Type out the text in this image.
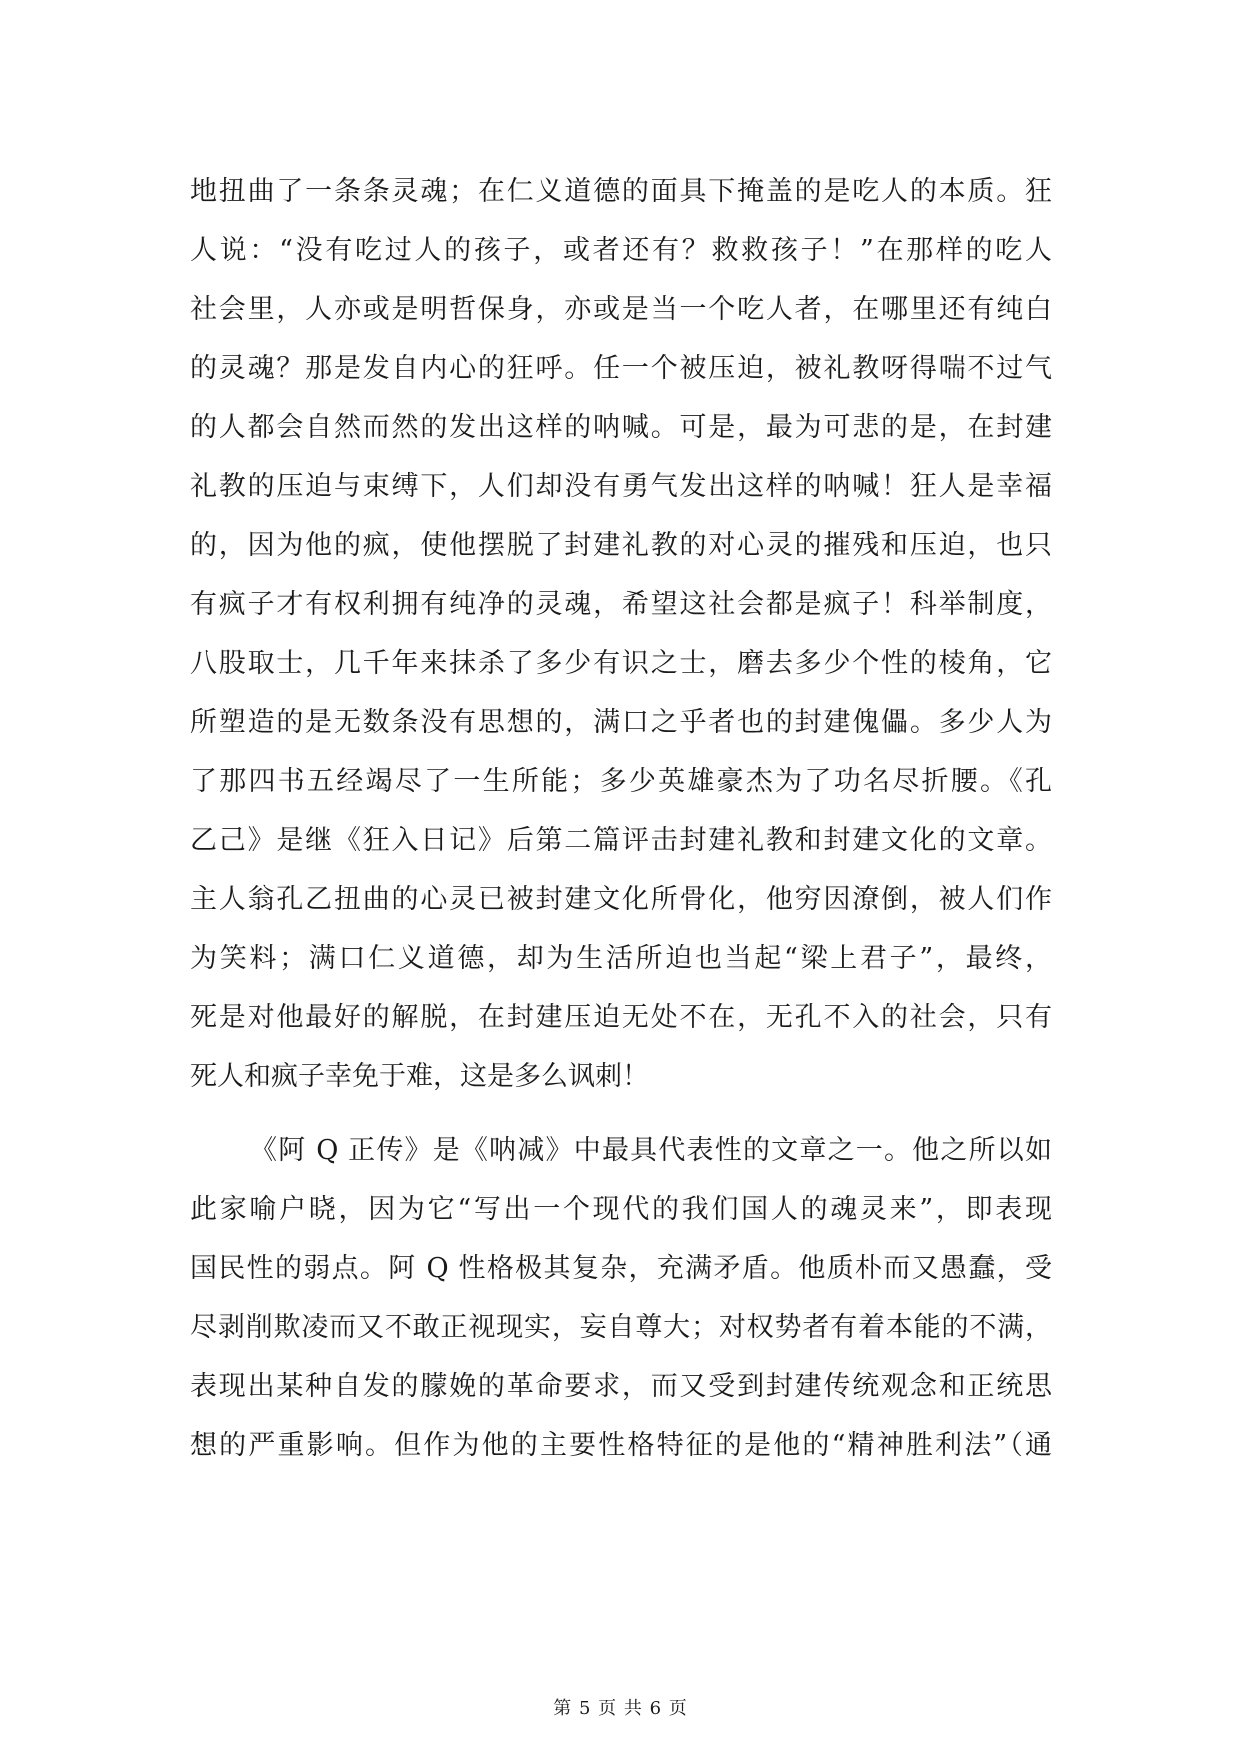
地扭曲了一条条灵魂；在仁义道德的面具下掩盖的是吃人的本质。狂
人说：“没有吃过人的孩子，或者还有？救救孩子！”在那样的吃人
社会里，人亦或是明哲保身，亦或是当一个吃人者，在哪里还有纯白
的灵魂？那是发自内心的狂呼。任一个被压迫，被礼教呀得喘不过气
的人都会自然而然的发出这样的呐喊。可是，最为可悲的是，在封建
礼教的压迫与束缚下，人们却没有勇气发出这样的呐喊！狂人是幸福
的，因为他的疯，使他摆脱了封建礼教的对心灵的摧残和压迫，也只
有疯子才有权利拥有纯净的灵魂，希望这社会都是疯子！科举制度，
八股取士，几千年来抹杀了多少有识之士，磨去多少个性的棱角，它
所塑造的是无数条没有思想的，满口之乎者也的封建傀儡。多少人为
了那四书五经竭尽了一生所能；多少英雄豪杰为了功名尽折腰。《孔
乙己》是继《狂入日记》后第二篇评击封建礼教和封建文化的文章。
主人翁孔乙扭曲的心灵已被封建文化所骨化，他穷因潦倒，被人们作
为笑料；满口仁义道德，却为生活所迫也当起“梁上君子”，最终，
死是对他最好的解脱，在封建压迫无处不在，无孔不入的社会，只有
死人和疯子幸免于难，这是多么讽刺！
《阿 Q 正传》是《呐减》中最具代表性的文章之一。他之所以如
此家喻户晓，因为它“写出一个现代的我们国人的魂灵来”，即表现
国民性的弱点。阿 Q 性格极其复杂，充满矛盾。他质朴而又愚蠢，受
尽剥削欺凌而又不敢正视现实，妄自尊大；对权势者有着本能的不满，
表现出某种自发的朦娩的革命要求，而又受到封建传统观念和正统思
想的严重影响。但作为他的主要性格特征的是他的“精神胜利法”（通
第 5 页 共 6 页
